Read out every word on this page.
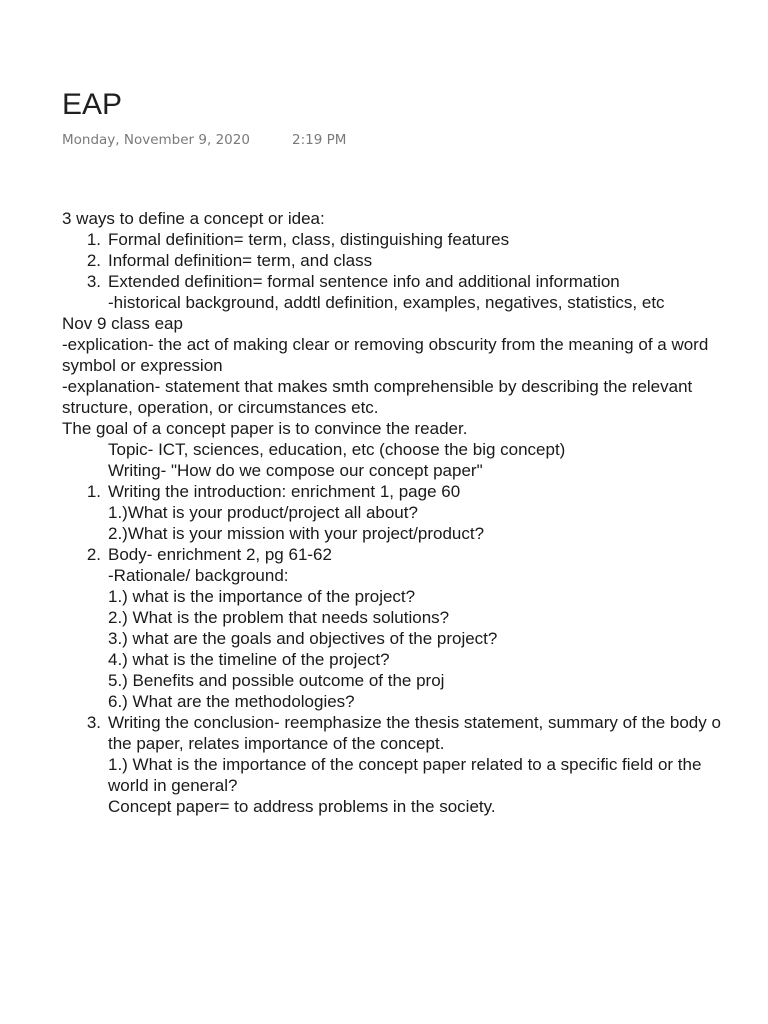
EAP
Monday, November 9, 2020	2:19 PM
3 ways to define a concept or idea:
1. Formal definition= term, class, distinguishing features
2. Informal definition= term, and class
3. Extended definition= formal sentence info and additional information
-historical background, addtl definition, examples, negatives, statistics, etc
Nov 9 class eap
-explication- the act of making clear or removing obscurity from the meaning of a word
symbol or expression
-explanation- statement that makes smth comprehensible by describing the relevant
structure, operation, or circumstances etc.
The goal of a concept paper is to convince the reader.
Topic- ICT, sciences, education, etc (choose the big concept)
Writing- "How do we compose our concept paper"
1. Writing the introduction: enrichment 1, page 60
1.)What is your product/project all about?
2.)What is your mission with your project/product?
2. Body- enrichment 2, pg 61-62
-Rationale/ background:
1.) what is the importance of the project?
2.) What is the problem that needs solutions?
3.) what are the goals and objectives of the project?
4.) what is the timeline of the project?
5.) Benefits and possible outcome of the proj
6.) What are the methodologies?
3. Writing the conclusion- reemphasize the thesis statement, summary of the body o
the paper, relates importance of the concept.
1.) What is the importance of the concept paper related to a specific field or the
world in general?
Concept paper= to address problems in the society.
